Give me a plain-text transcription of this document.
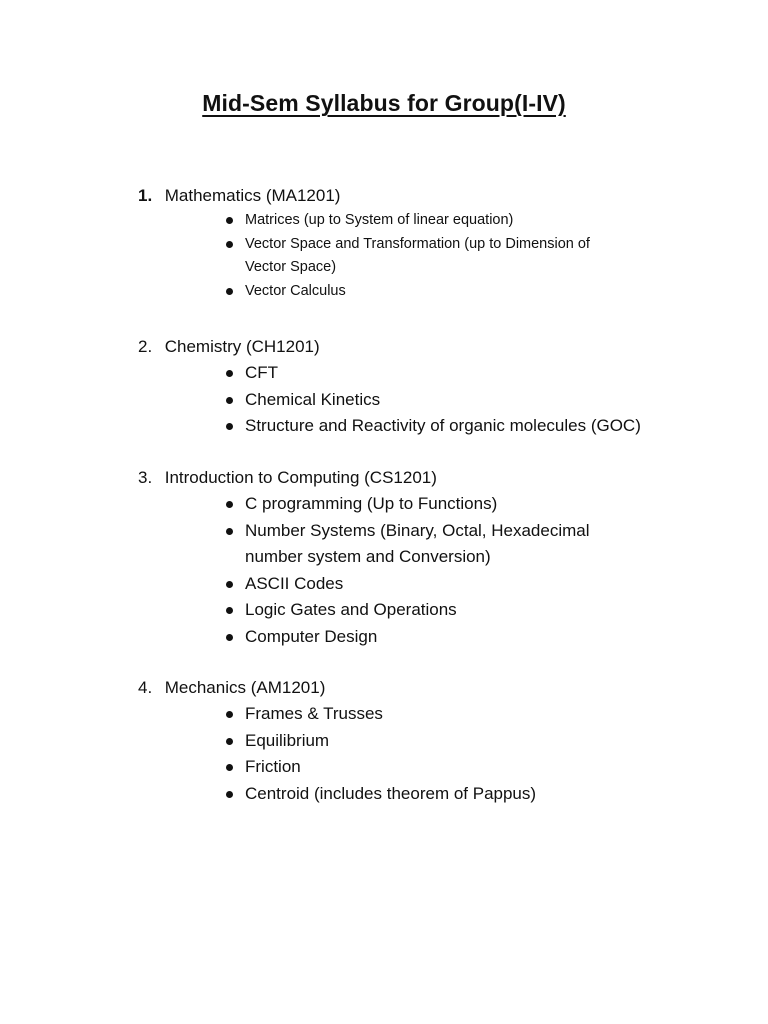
Mid-Sem Syllabus for Group(I-IV)
1. Mathematics (MA1201)
Matrices (up to System of linear equation)
Vector Space and Transformation (up to Dimension of Vector Space)
Vector Calculus
2. Chemistry (CH1201)
CFT
Chemical Kinetics
Structure and Reactivity of organic molecules (GOC)
3. Introduction to Computing (CS1201)
C programming (Up to Functions)
Number Systems (Binary, Octal, Hexadecimal number system and Conversion)
ASCII Codes
Logic Gates and Operations
Computer Design
4. Mechanics (AM1201)
Frames & Trusses
Equilibrium
Friction
Centroid (includes theorem of Pappus)
